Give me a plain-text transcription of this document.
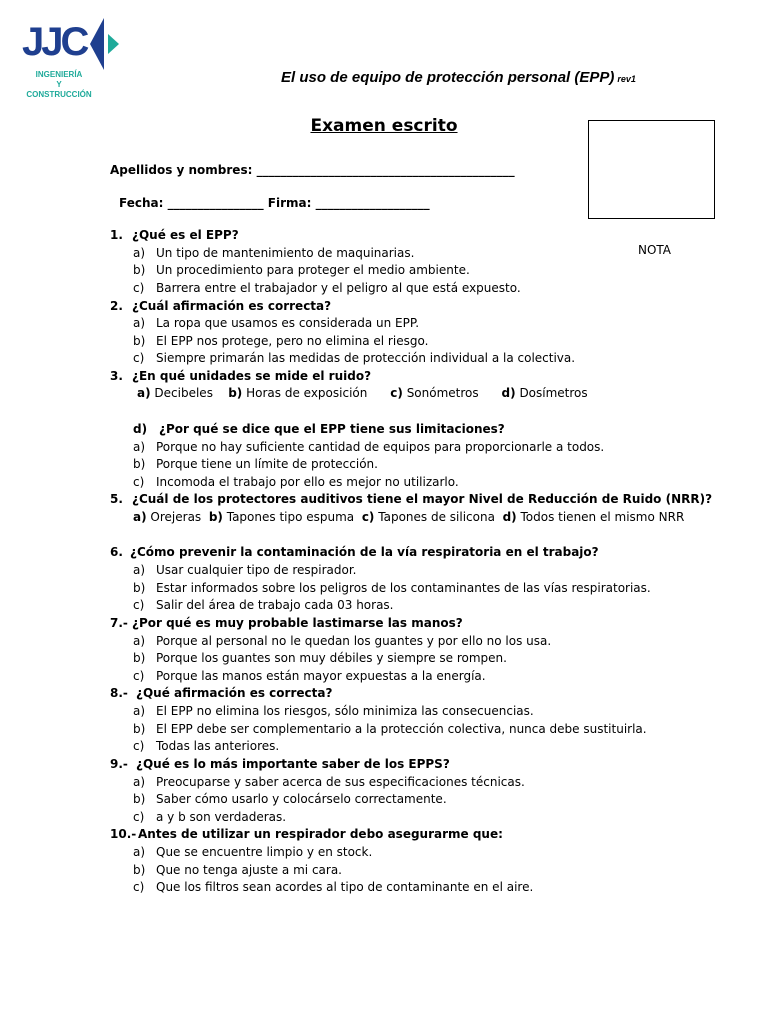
JJC
INGENIERÍA
Y CONSTRUCCIÓN
El uso de equipo de protección personal (EPP) rev1
Examen escrito
NOTA
Apellidos y nombres: ___________________________________________
Fecha: ________________ Firma: ___________________
1. ¿Qué es el EPP?
a) Un tipo de mantenimiento de maquinarias.
b) Un procedimiento para proteger el medio ambiente.
c) Barrera entre el trabajador y el peligro al que está expuesto.
2. ¿Cuál afirmación es correcta?
a) La ropa que usamos es considerada un EPP.
b) El EPP nos protege, pero no elimina el riesgo.
c) Siempre primarán las medidas de protección individual a la colectiva.
3. ¿En qué unidades se mide el ruido?
a) Decibeles b) Horas de exposición c) Sonómetros d) Dosímetros
d) ¿Por qué se dice que el EPP tiene sus limitaciones?
a) Porque no hay suficiente cantidad de equipos para proporcionarle a todos.
b) Porque tiene un límite de protección.
c) Incomoda el trabajo por ello es mejor no utilizarlo.
5. ¿Cuál de los protectores auditivos tiene el mayor Nivel de Reducción de Ruido (NRR)?
a) Orejeras b) Tapones tipo espuma c) Tapones de silicona d) Todos tienen el mismo NRR
6. ¿Cómo prevenir la contaminación de la vía respiratoria en el trabajo?
a) Usar cualquier tipo de respirador.
b) Estar informados sobre los peligros de los contaminantes de las vías respiratorias.
c) Salir del área de trabajo cada 03 horas.
7.- ¿Por qué es muy probable lastimarse las manos?
a) Porque al personal no le quedan los guantes y por ello no los usa.
b) Porque los guantes son muy débiles y siempre se rompen.
c) Porque las manos están mayor expuestas a la energía.
8.- ¿Qué afirmación es correcta?
a) El EPP no elimina los riesgos, sólo minimiza las consecuencias.
b) El EPP debe ser complementario a la protección colectiva, nunca debe sustituirla.
c) Todas las anteriores.
9.- ¿Qué es lo más importante saber de los EPPS?
a) Preocuparse y saber acerca de sus especificaciones técnicas.
b) Saber cómo usarlo y colocárselo correctamente.
c) a y b son verdaderas.
10.- Antes de utilizar un respirador debo asegurarme que:
a) Que se encuentre limpio y en stock.
b) Que no tenga ajuste a mi cara.
c) Que los filtros sean acordes al tipo de contaminante en el aire.
